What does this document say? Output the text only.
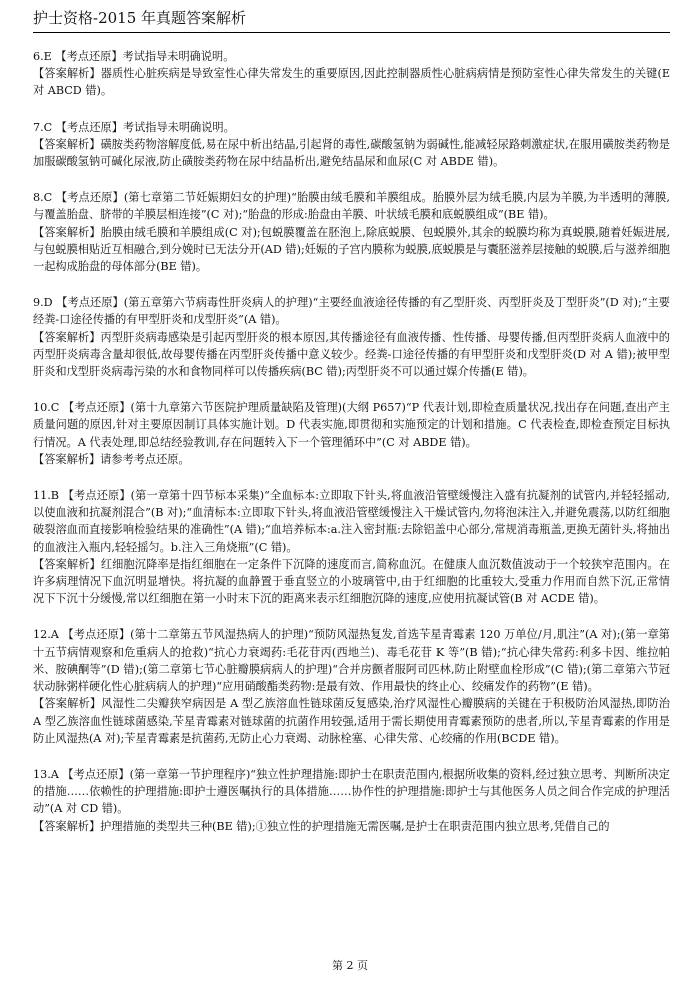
护士资格-2015 年真题答案解析

6.E 【考点还原】考试指导未明确说明。

【答案解析】器质性心脏疾病是导致室性心律失常发生的重要原因,因此控制器质性心脏病病情是预防室性心律失常发生的关键(E 对 ABCD 错)。

7.C 【考点还原】考试指导未明确说明。

【答案解析】磺胺类药物溶解度低,易在尿中析出结晶,引起肾的毒性,碳酸氢钠为弱碱性,能减轻尿路刺激症状,在服用磺胺类药物是加服碳酸氢钠可碱化尿液,防止磺胺类药物在尿中结晶析出,避免结晶尿和血尿(C 对 ABDE 错)。

8.C 【考点还原】(第七章第二节妊娠期妇女的护理)“胎膜由绒毛膜和羊膜组成。胎膜外层为绒毛膜,内层为羊膜,为半透明的薄膜,与覆盖胎盘、脐带的羊膜层相连接”(C 对);“胎盘的形成:胎盘由羊膜、叶状绒毛膜和底蜕膜组成”(BE 错)。

【答案解析】胎膜由绒毛膜和羊膜组成(C 对);包蜕膜覆盖在胚泡上,除底蜕膜、包蜕膜外,其余的蜕膜均称为真蜕膜,随着妊娠进展,与包蜕膜相贴近互相融合,到分娩时已无法分开(AD 错);妊娠的子宫内膜称为蜕膜,底蜕膜是与囊胚滋养层接触的蜕膜,后与滋养细胞一起构成胎盘的母体部分(BE 错)。

9.D 【考点还原】(第五章第六节病毒性肝炎病人的护理)“主要经血液途径传播的有乙型肝炎、丙型肝炎及丁型肝炎”(D 对);“主要经粪-口途径传播的有甲型肝炎和戊型肝炎”(A 错)。

【答案解析】丙型肝炎病毒感染是引起丙型肝炎的根本原因,其传播途径有血液传播、性传播、母婴传播,但丙型肝炎病人血液中的丙型肝炎病毒含量却很低,故母婴传播在丙型肝炎传播中意义较少。经粪-口途径传播的有甲型肝炎和戊型肝炎(D 对 A 错);被甲型肝炎和戊型肝炎病毒污染的水和食物同样可以传播疾病(BC 错);丙型肝炎不可以通过媒介传播(E 错)。

10.C 【考点还原】(第十九章第六节医院护理质量缺陷及管理)(大纲 P657)“P 代表计划,即检查质量状况,找出存在问题,查出产主质量问题的原因,针对主要原因制订具体实施计划。D 代表实施,即贯彻和实施预定的计划和措施。C 代表检查,即检查预定目标执行情况。A 代表处理,即总结经验教训,存在问题转入下一个管理循环中”(C 对 ABDE 错)。

【答案解析】请参考考点还原。

11.B 【考点还原】(第一章第十四节标本采集)“全血标本:立即取下针头,将血液沿管壁缓慢注入盛有抗凝剂的试管内,并轻轻摇动,以使血液和抗凝剂混合”(B 对);“血清标本:立即取下针头,将血液沿管壁缓慢注入干燥试管内,勿将泡沫注入,并避免震荡,以防红细胞破裂溶血而直接影响检验结果的准确性”(A 错);“血培养标本:a.注入密封瓶:去除铝盖中心部分,常规消毒瓶盖,更换无菌针头,将抽出的血液注入瓶内,轻轻摇匀。b.注入三角烧瓶”(C 错)。

【答案解析】红细胞沉降率是指红细胞在一定条件下沉降的速度而言,简称血沉。在健康人血沉数值波动于一个较狭窄范围内。在许多病理情况下血沉明显增快。将抗凝的血静置于垂直竖立的小玻璃管中,由于红细胞的比重较大,受重力作用而自然下沉,正常情况下下沉十分缓慢,常以红细胞在第一小时末下沉的距离来表示红细胞沉降的速度,应使用抗凝试管(B 对 ACDE 错)。

12.A 【考点还原】(第十二章第五节风湿热病人的护理)“预防风湿热复发,首选苄星青霉素 120 万单位/月,肌注”(A 对);(第一章第十五节病情观察和危重病人的抢救)“抗心力衰竭药:毛花苷丙(西地兰)、毒毛花苷 K 等”(B 错);“抗心律失常药:利多卡因、维拉帕米、胺碘酮等”(D 错);(第二章第七节心脏瓣膜病病人的护理)“合并房颤者服阿司匹林,防止附壁血栓形成”(C 错);(第二章第六节冠状动脉粥样硬化性心脏病病人的护理)“应用硝酸酯类药物:是最有效、作用最快的终止心、绞痛发作的药物”(E 错)。

【答案解析】风湿性二尖瓣狭窄病因是 A 型乙族溶血性链球菌反复感染,治疗风湿性心瓣膜病的关键在于积极防治风湿热,即防治 A 型乙族溶血性链球菌感染,苄星青霉素对链球菌的抗菌作用较强,适用于需长期使用青霉素预防的患者,所以,苄星青霉素的作用是防止风湿热(A 对);苄星青霉素是抗菌药,无防止心力衰竭、动脉栓塞、心律失常、心绞痛的作用(BCDE 错)。

13.A 【考点还原】(第一章第一节护理程序)“独立性护理措施:即护士在职责范围内,根据所收集的资料,经过独立思考、判断所决定的措施……依赖性的护理措施:即护士遵医嘱执行的具体措施……协作性的护理措施:即护士与其他医务人员之间合作完成的护理活动”(A 对 CD 错)。

【答案解析】护理措施的类型共三种(BE 错);①独立性的护理措施无需医嘱,是护士在职责范围内独立思考,凭借自己的

第 2 页
